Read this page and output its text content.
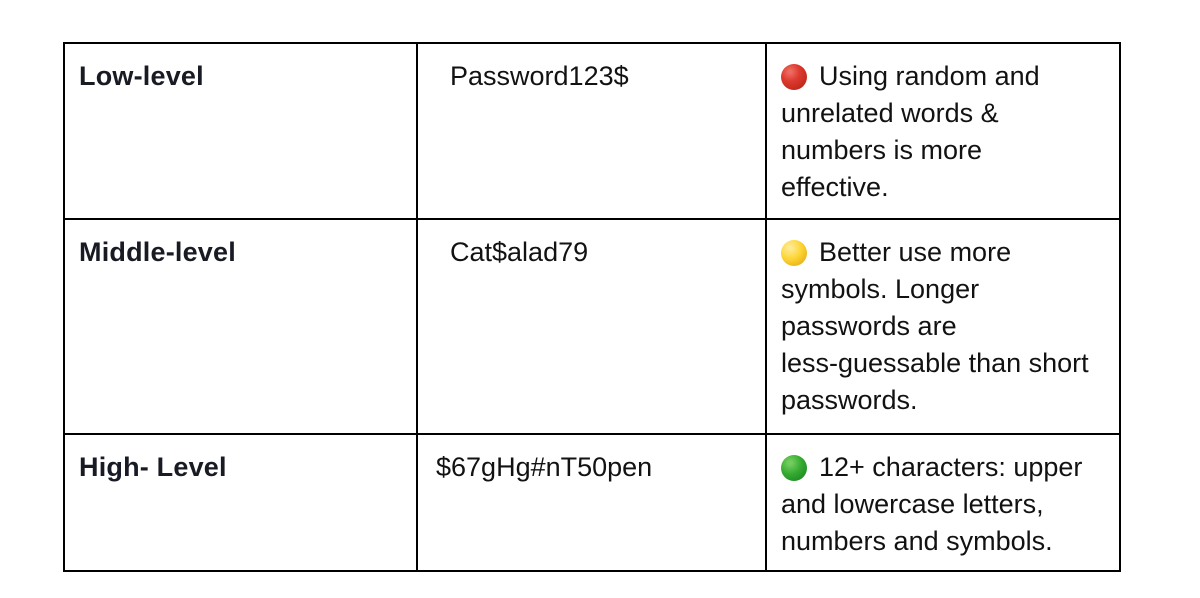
Low-level	Password123$	Using random and
unrelated words &
numbers is more
effective.

Middle-level	Cat$alad79	Better use more
symbols. Longer
passwords are
less-guessable than short
passwords.

High- Level	$67gHg#nT50pen	12+ characters: upper
and lowercase letters,
numbers and symbols.
